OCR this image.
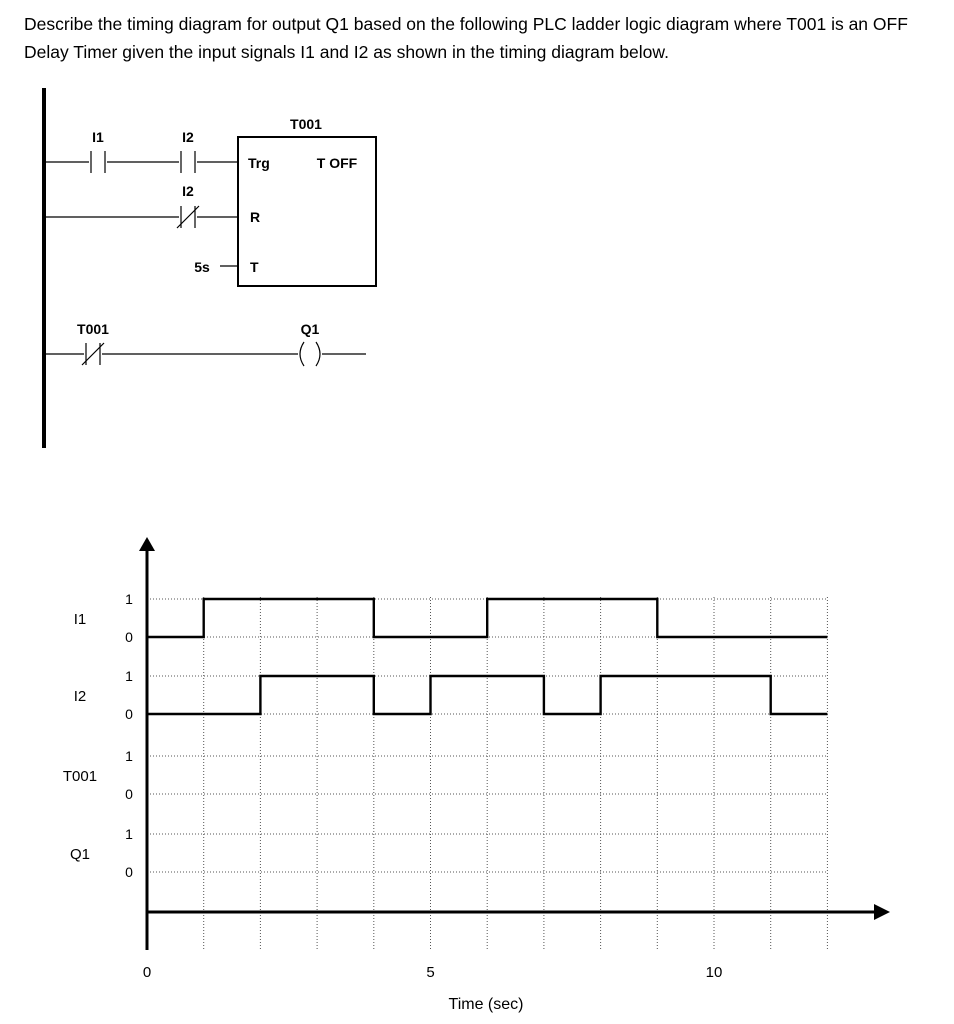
Describe the timing diagram for output Q1 based on the following PLC ladder logic diagram where T001 is an OFF Delay Timer given the input signals I1 and I2 as shown in the timing diagram below.

I1	I2
I2
5s
T001
Trg	T OFF
R
T
T001	Q1
I1
1
0
I2
1
0
T001
1
0
Q1
1
0
0	5	10
Time (sec)
